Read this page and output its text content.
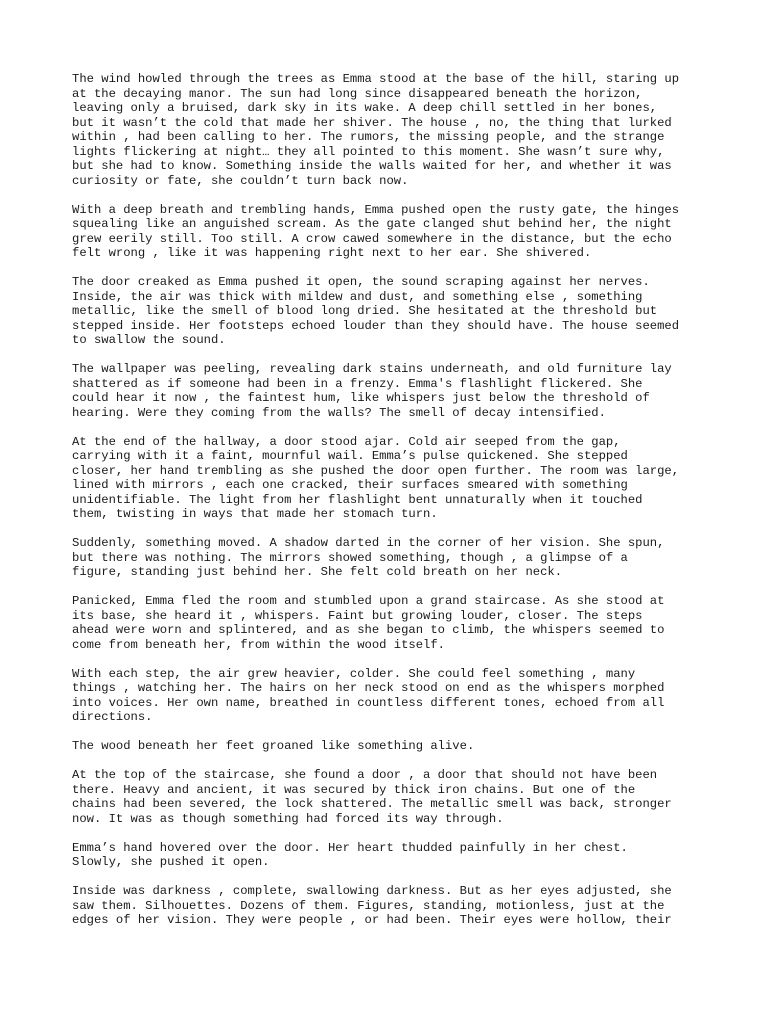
The wind howled through the trees as Emma stood at the base of the hill, staring up
at the decaying manor. The sun had long since disappeared beneath the horizon,
leaving only a bruised, dark sky in its wake. A deep chill settled in her bones,
but it wasn’t the cold that made her shiver. The house , no, the thing that lurked
within , had been calling to her. The rumors, the missing people, and the strange
lights flickering at night… they all pointed to this moment. She wasn’t sure why,
but she had to know. Something inside the walls waited for her, and whether it was
curiosity or fate, she couldn’t turn back now.

With a deep breath and trembling hands, Emma pushed open the rusty gate, the hinges
squealing like an anguished scream. As the gate clanged shut behind her, the night
grew eerily still. Too still. A crow cawed somewhere in the distance, but the echo
felt wrong , like it was happening right next to her ear. She shivered.

The door creaked as Emma pushed it open, the sound scraping against her nerves.
Inside, the air was thick with mildew and dust, and something else , something
metallic, like the smell of blood long dried. She hesitated at the threshold but
stepped inside. Her footsteps echoed louder than they should have. The house seemed
to swallow the sound.

The wallpaper was peeling, revealing dark stains underneath, and old furniture lay
shattered as if someone had been in a frenzy. Emma's flashlight flickered. She
could hear it now , the faintest hum, like whispers just below the threshold of
hearing. Were they coming from the walls? The smell of decay intensified.

At the end of the hallway, a door stood ajar. Cold air seeped from the gap,
carrying with it a faint, mournful wail. Emma’s pulse quickened. She stepped
closer, her hand trembling as she pushed the door open further. The room was large,
lined with mirrors , each one cracked, their surfaces smeared with something
unidentifiable. The light from her flashlight bent unnaturally when it touched
them, twisting in ways that made her stomach turn.

Suddenly, something moved. A shadow darted in the corner of her vision. She spun,
but there was nothing. The mirrors showed something, though , a glimpse of a
figure, standing just behind her. She felt cold breath on her neck.

Panicked, Emma fled the room and stumbled upon a grand staircase. As she stood at
its base, she heard it , whispers. Faint but growing louder, closer. The steps
ahead were worn and splintered, and as she began to climb, the whispers seemed to
come from beneath her, from within the wood itself.

With each step, the air grew heavier, colder. She could feel something , many
things , watching her. The hairs on her neck stood on end as the whispers morphed
into voices. Her own name, breathed in countless different tones, echoed from all
directions.

The wood beneath her feet groaned like something alive.

At the top of the staircase, she found a door , a door that should not have been
there. Heavy and ancient, it was secured by thick iron chains. But one of the
chains had been severed, the lock shattered. The metallic smell was back, stronger
now. It was as though something had forced its way through.

Emma’s hand hovered over the door. Her heart thudded painfully in her chest.
Slowly, she pushed it open.

Inside was darkness , complete, swallowing darkness. But as her eyes adjusted, she
saw them. Silhouettes. Dozens of them. Figures, standing, motionless, just at the
edges of her vision. They were people , or had been. Their eyes were hollow, their
